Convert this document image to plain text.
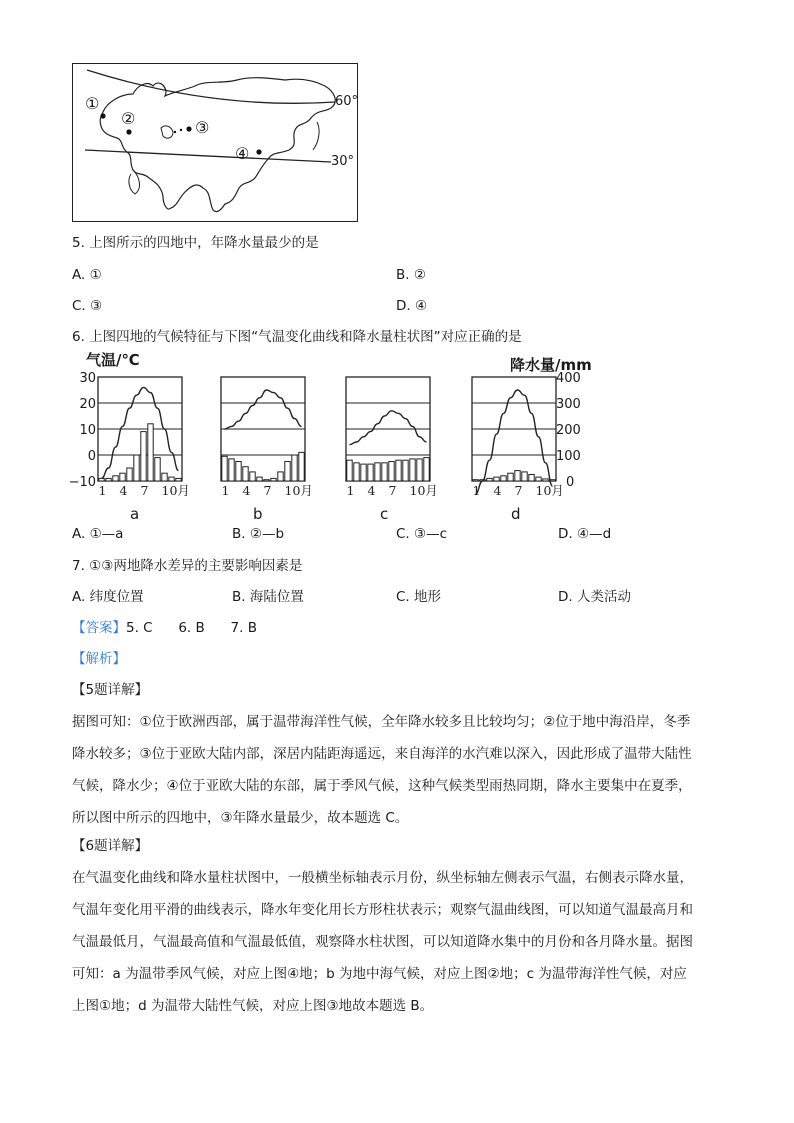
①
②	③
④
60°
30°
5. 上图所示的四地中，年降水量最少的是
A. ①	B. ②
C. ③	D. ④
6. 上图四地的气候特征与下图“气温变化曲线和降水量柱状图”对应正确的是
气温/℃	降水量/mm
30
20
10
0
−10
400
300
200
100
0
1 4 7 10月	1 4 7 10月	1 4 7 10月	1 4 7 10月
a	b	c	d
A. ①—a	B. ②—b	C. ③—c	D. ④—d
7. ①③两地降水差异的主要影响因素是
A. 纬度位置	B. 海陆位置	C. 地形	D. 人类活动
【答案】5. C      6. B      7. B
【解析】
【5题详解】
据图可知：①位于欧洲西部，属于温带海洋性气候，全年降水较多且比较均匀；②位于地中海沿岸，冬季
降水较多；③位于亚欧大陆内部，深居内陆距海遥远，来自海洋的水汽难以深入，因此形成了温带大陆性
气候，降水少；④位于亚欧大陆的东部，属于季风气候，这种气候类型雨热同期，降水主要集中在夏季，
所以图中所示的四地中，③年降水量最少，故本题选 C。
【6题详解】
在气温变化曲线和降水量柱状图中，一般横坐标轴表示月份，纵坐标轴左侧表示气温，右侧表示降水量，
气温年变化用平滑的曲线表示，降水年变化用长方形柱状表示；观察气温曲线图，可以知道气温最高月和
气温最低月，气温最高值和气温最低值，观察降水柱状图，可以知道降水集中的月份和各月降水量。据图
可知：a 为温带季风气候，对应上图④地；b 为地中海气候，对应上图②地；c 为温带海洋性气候，对应
上图①地；d 为温带大陆性气候，对应上图③地故本题选 B。
